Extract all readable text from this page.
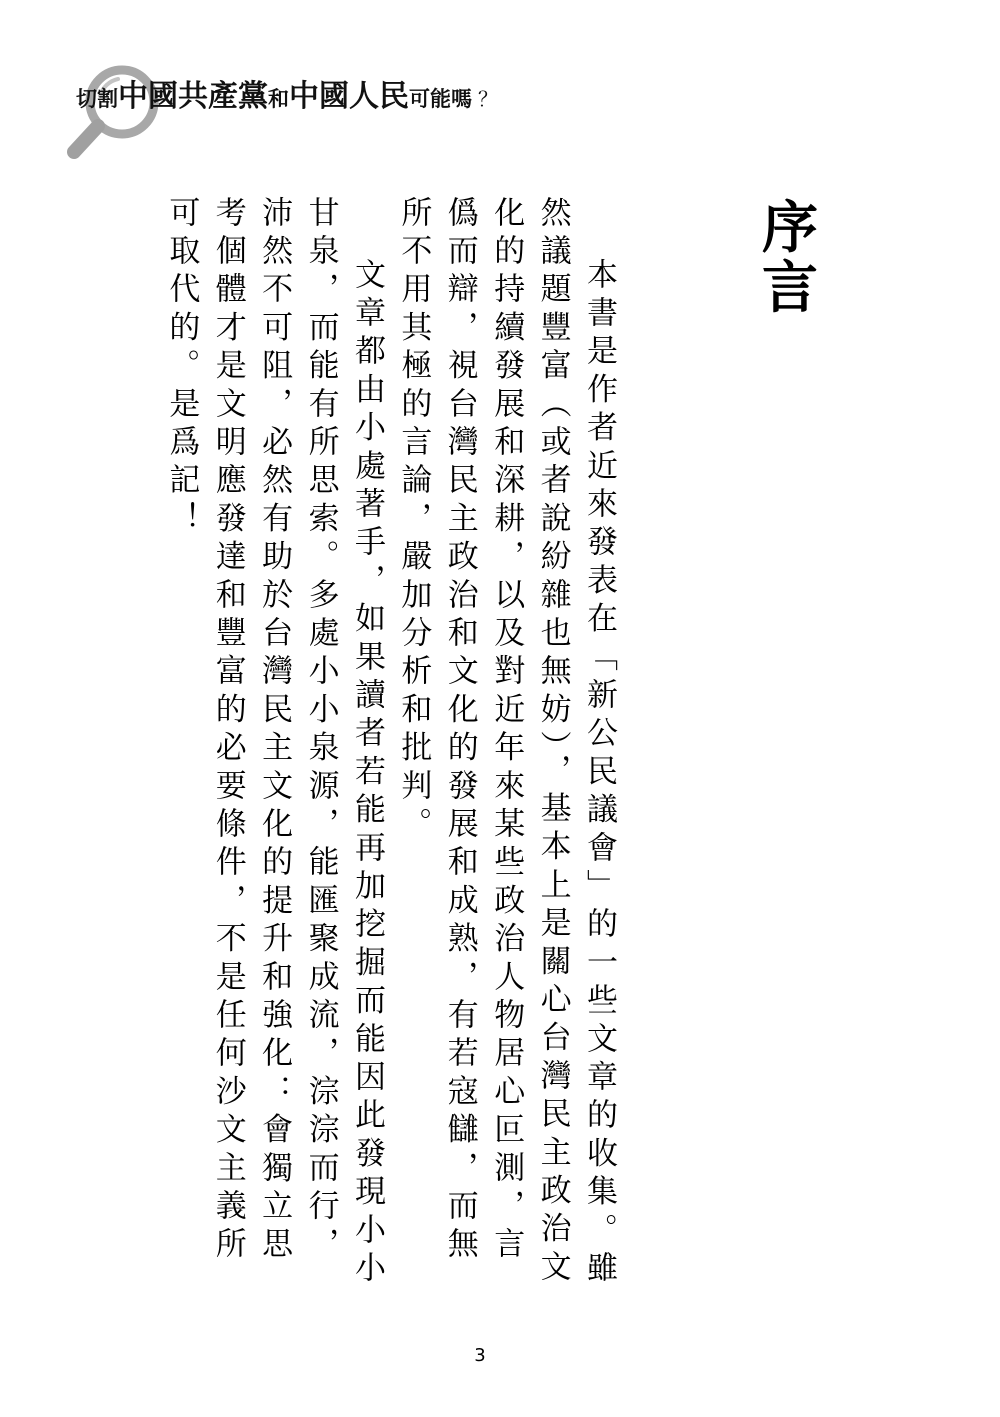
切割中國共產黨和中國人民可能嗎 ？
序
言

本書是作者近來發表在「新公民議會」的一些文章的收集。雖然議題豐富（或者說紛雜也無妨），基本上是關心台灣民主政治文化的持續發展和深耕，以及對近年來某些政治人物居心叵測，言僞而辯，視台灣民主政治和文化的發展和成熟，有若寇讎，而無所不用其極的言論，嚴加分析和批判。

文章都由小處著手，如果讀者若能再加挖掘而能因此發現小小甘泉，而能有所思索。多處小小泉源，能匯聚成流，淙淙而行，沛然不可阻，必然有助於台灣民主文化的提升和強化：會獨立思考個體才是文明應發達和豐富的必要條件，不是任何沙文主義所可取代的。是爲記！

3
